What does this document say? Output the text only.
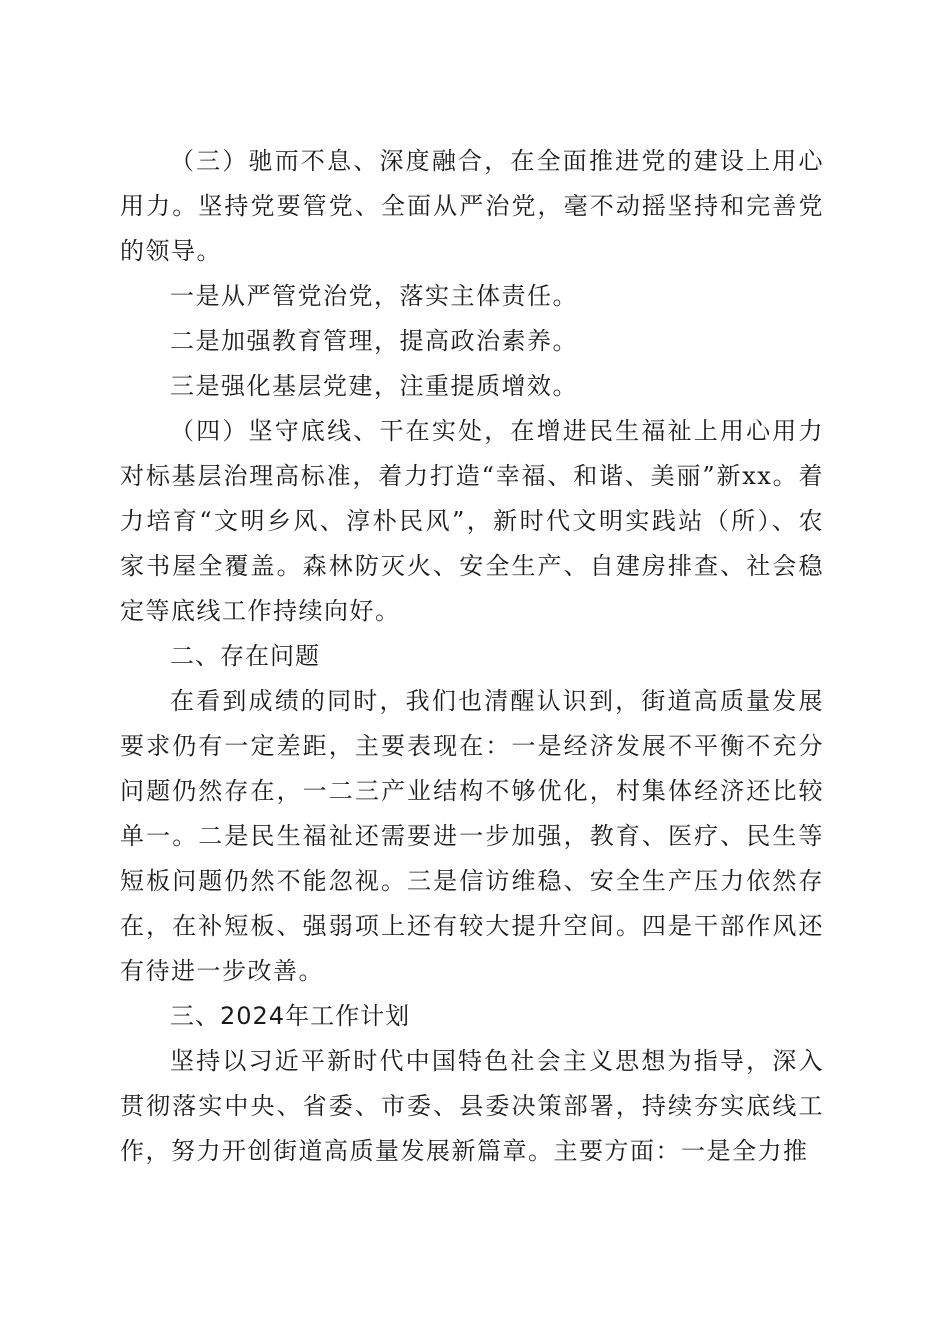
（三）驰而不息、深度融合，在全面推进党的建设上用心用力。坚持党要管党、全面从严治党，毫不动摇坚持和完善党的领导。

一是从严管党治党，落实主体责任。

二是加强教育管理，提高政治素养。

三是强化基层党建，注重提质增效。

（四）坚守底线、干在实处，在增进民生福祉上用心用力对标基层治理高标准，着力打造“幸福、和谐、美丽”新xx。着力培育“文明乡风、淳朴民风”，新时代文明实践站（所）、农家书屋全覆盖。森林防灭火、安全生产、自建房排查、社会稳定等底线工作持续向好。

二、存在问题

在看到成绩的同时，我们也清醒认识到，街道高质量发展要求仍有一定差距，主要表现在：一是经济发展不平衡不充分问题仍然存在，一二三产业结构不够优化，村集体经济还比较单一。二是民生福祉还需要进一步加强，教育、医疗、民生等短板问题仍然不能忽视。三是信访维稳、安全生产压力依然存在，在补短板、强弱项上还有较大提升空间。四是干部作风还有待进一步改善。

三、2024年工作计划

坚持以习近平新时代中国特色社会主义思想为指导，深入贯彻落实中央、省委、市委、县委决策部署，持续夯实底线工作，努力开创街道高质量发展新篇章。主要方面：一是全力推
